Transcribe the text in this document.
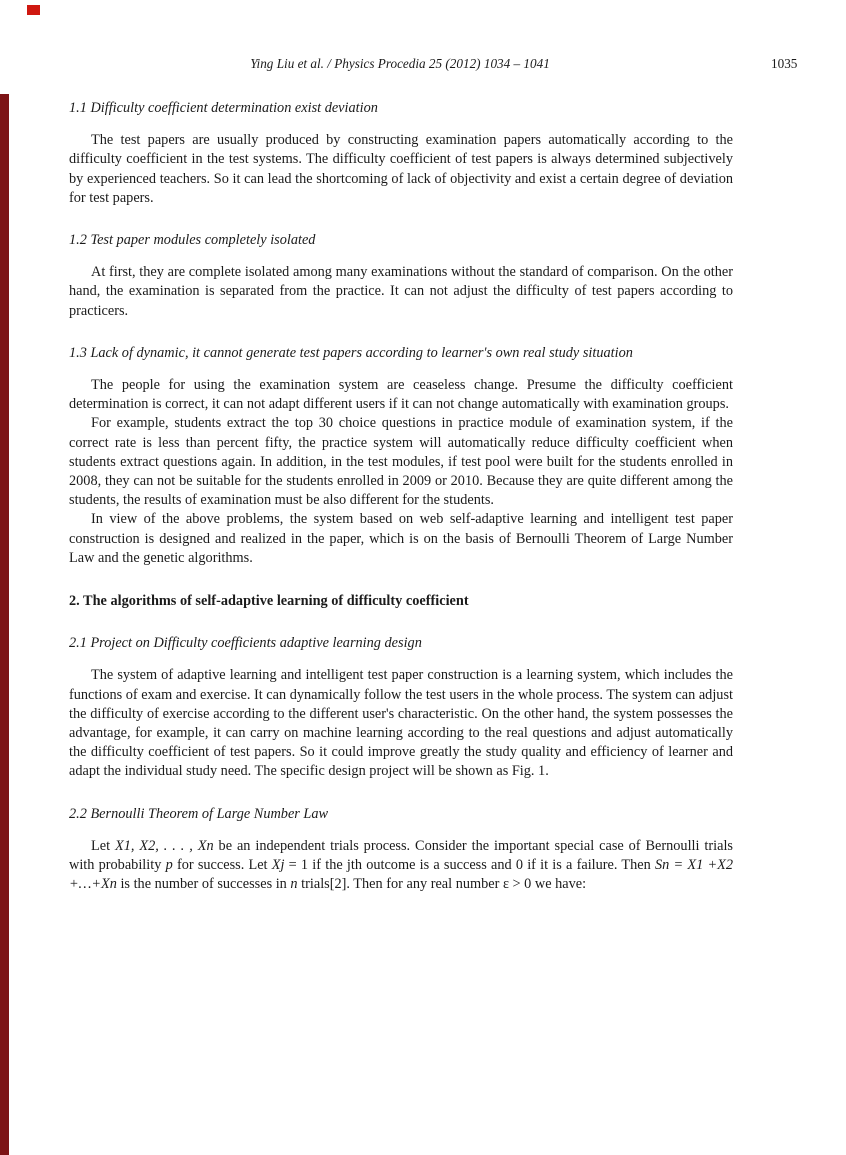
Ying Liu et al. / Physics Procedia 25 (2012) 1034 – 1041	1035
1.1 Difficulty coefficient determination exist deviation

The test papers are usually produced by constructing examination papers automatically according to the difficulty coefficient in the test systems. The difficulty coefficient of test papers is always determined subjectively by experienced teachers. So it can lead the shortcoming of lack of objectivity and exist a certain degree of deviation for test papers.

1.2 Test paper modules completely isolated

At first, they are complete isolated among many examinations without the standard of comparison. On the other hand, the examination is separated from the practice. It can not adjust the difficulty of test papers according to practicers.

1.3 Lack of dynamic, it cannot generate test papers according to learner's own real study situation

The people for using the examination system are ceaseless change. Presume the difficulty coefficient determination is correct, it can not adapt different users if it can not change automatically with examination groups.

For example, students extract the top 30 choice questions in practice module of examination system, if the correct rate is less than percent fifty, the practice system will automatically reduce difficulty coefficient when students extract questions again. In addition, in the test modules, if test pool were built for the students enrolled in 2008, they can not be suitable for the students enrolled in 2009 or 2010. Because they are quite different among the students, the results of examination must be also different for the students.

In view of the above problems, the system based on web self-adaptive learning and intelligent test paper construction is designed and realized in the paper, which is on the basis of Bernoulli Theorem of Large Number Law and the genetic algorithms.

2. The algorithms of self-adaptive learning of difficulty coefficient
2.1 Project on Difficulty coefficients adaptive learning design

The system of adaptive learning and intelligent test paper construction is a learning system, which includes the functions of exam and exercise. It can dynamically follow the test users in the whole process. The system can adjust the difficulty of exercise according to the different user's characteristic. On the other hand, the system possesses the advantage, for example, it can carry on machine learning according to the real questions and adjust automatically the difficulty coefficient of test papers. So it could improve greatly the study quality and efficiency of learner and adapt the individual study need. The specific design project will be shown as Fig. 1.

2.2 Bernoulli Theorem of Large Number Law

Let X1, X2, . . . , Xn be an independent trials process. Consider the important special case of Bernoulli trials with probability p for success. Let Xj = 1 if the jth outcome is a success and 0 if it is a failure. Then Sn = X1 +X2 +…+Xn is the number of successes in n trials[2]. Then for any real number ε > 0 we have:
